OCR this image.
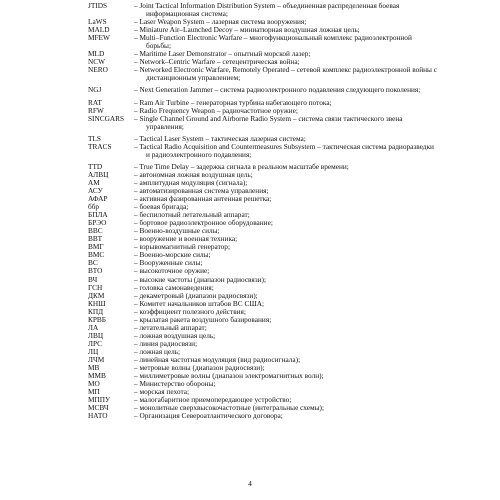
JTIDS	– Joint Tactical Information Distribution System – объединенная распределенная боевая информационная система;
LaWS	– Laser Weapon System – лазерная система вооружения;
MALD	– Miniature Air–Launched Decoy – миниатюрная воздушная ложная цель;
MFEW	– Multi–Function Electronic Warfare – многофункциональный комплекс радиоэлектронной борьбы;
MLD	– Maritime Laser Demonstrator – опытный морской лазер;
NCW	– Network–Centric Warfare – сетецентрическая война;
NERO	– Networked Electronic Warfare, Remotely Operated – сетевой комплекс радиоэлектронной войны с дистанционным управлением;
NGJ	– Next Generation Jammer – система радиоэлектронного подавления следующего поколения;
RAT	– Ram Air Turbine – генераторная турбина набегающего потока;
RFW	– Radio Frequency Weapon – радиочастотное оружие;
SINCGARS	– Single Channel Ground and Airborne Radio System – система связи тактического звена управления;
TLS	– Tactical Laser System – тактическая лазерная система;
TRACS	– Tactical Radio Acquisition and Countermeasures Subsystem – тактическая система радиоразведки и радиоэлектронного подавления;
TTD	– True Time Delay – задержка сигнала в реальном масштабе времени;
АЛВЦ	– автономная ложная воздушная цель;
АМ	– амплитудная модуляция (сигнала);
АСУ	– автоматизированная система управления;
АФАР	– активная фазированная антенная решетка;
ббр	– боевая бригада;
БПЛА	– беспилотный летательный аппарат;
БРЭО	– бортовое радиоэлектронное оборудование;
ВВС	– Военно-воздушные силы;
ВВТ	– вооружение и военная техника;
ВМГ	– взрывомагнитный генератор;
ВМС	– Военно-морские силы;
ВС	– Вооруженные силы;
ВТО	– высокоточное оружие;
ВЧ	– высокие частоты (диапазон радиосвязи);
ГСН	– головка самонаведения;
ДКМ	– декаметровый (диапазон радиосвязи);
КНШ	– Комитет начальников штабов ВС США;
КПД	– коэффициент полезного действия;
КРВБ	– крылатая ракета воздушного базирования;
ЛА	– летательный аппарат;
ЛВЦ	– ложная воздушная цель;
ЛРС	– линия радиосвязи;
ЛЦ	– ложная цель;
ЛЧМ	– линейная частотная модуляция (вид радиосигнала);
МВ	– метровые волны (диапазон радиосвязи);
ММВ	– миллиметровые волны (диапазон электромагнитных волн);
МО	– Министерство обороны;
МП	– морская пехота;
МППУ	– малогабаритное приемопередающее устройство;
МСВЧ	– монолитные сверхвысокочастотные (интегральные схемы);
НАТО	– Организация Североатлантического договора;
4
